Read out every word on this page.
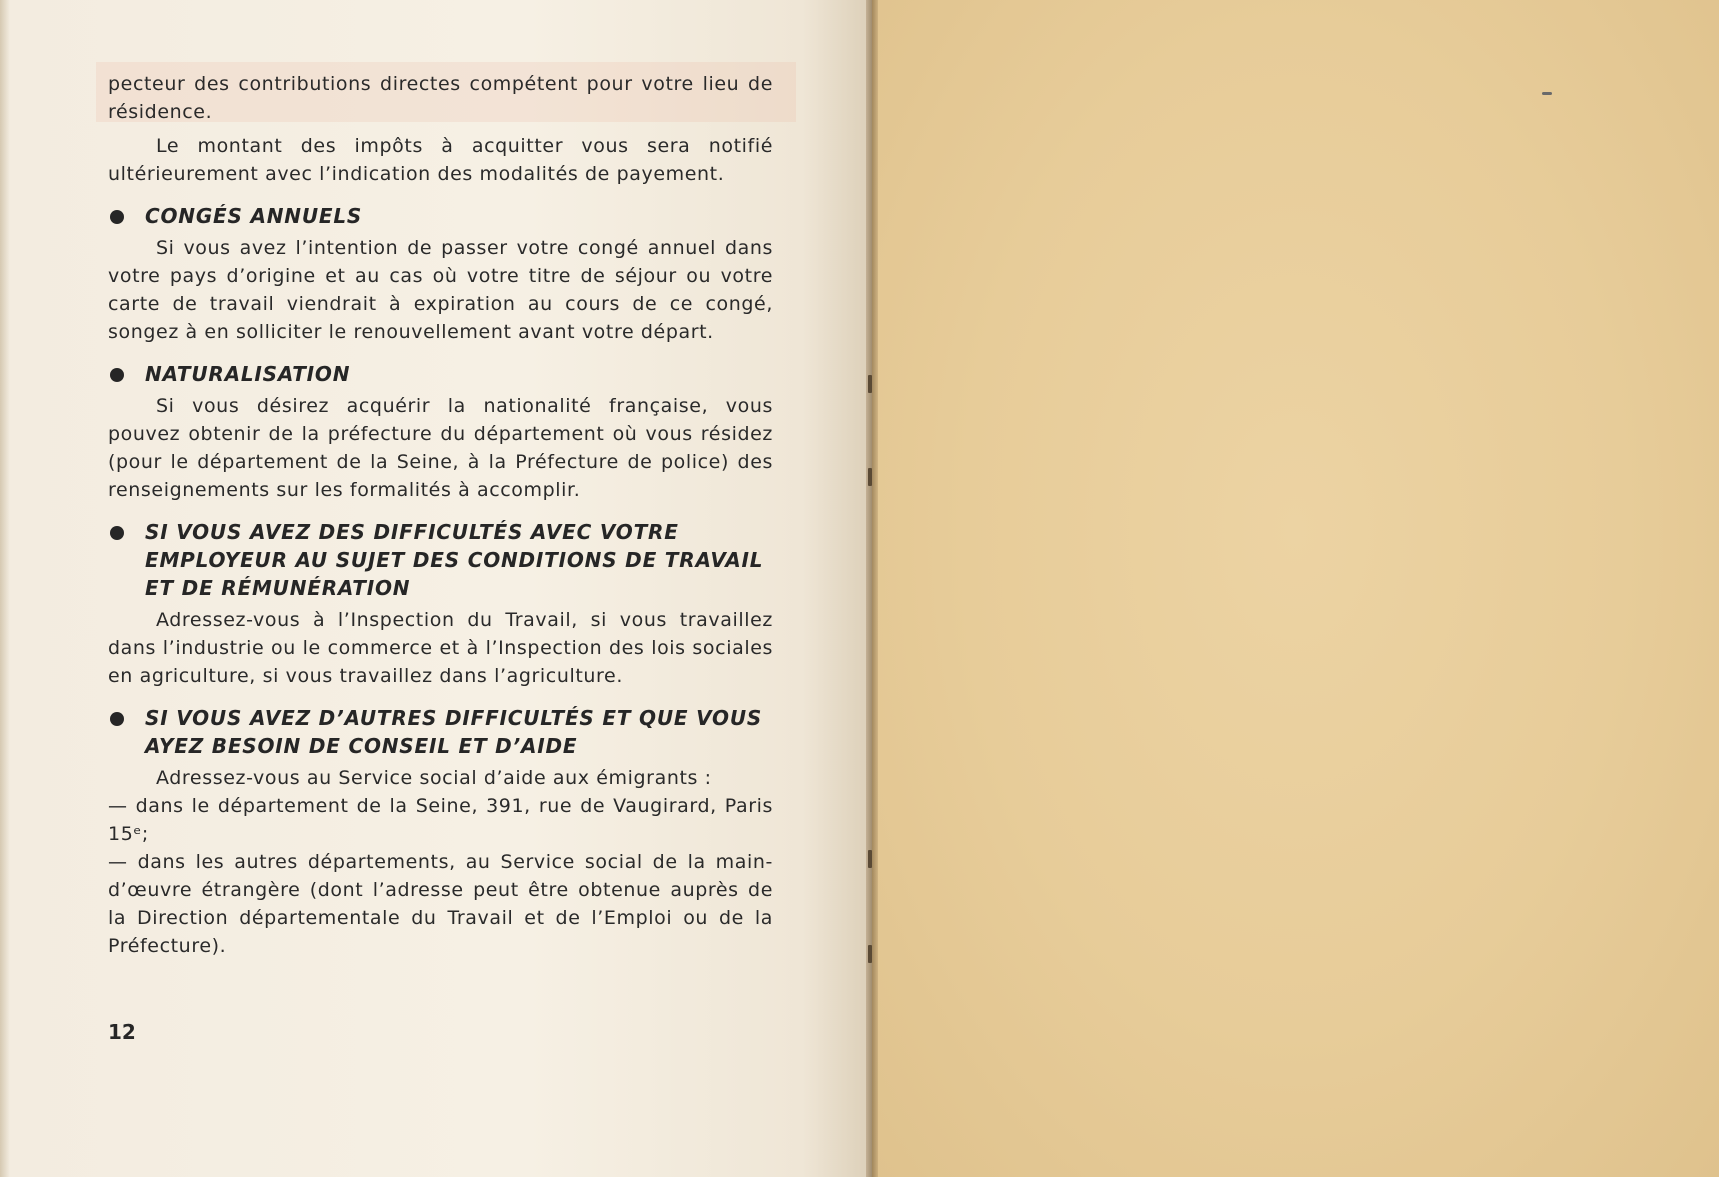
pecteur des contributions directes compétent pour votre lieu de résidence.

Le montant des impôts à acquitter vous sera notifié ultérieurement avec l’indication des modalités de payement.

CONGÉS ANNUELS

Si vous avez l’intention de passer votre congé annuel dans votre pays d’origine et au cas où votre titre de séjour ou votre carte de travail viendrait à expiration au cours de ce congé, songez à en solliciter le renouvellement avant votre départ.

NATURALISATION

Si vous désirez acquérir la nationalité française, vous pouvez obtenir de la préfecture du département où vous résidez (pour le département de la Seine, à la Préfecture de police) des renseignements sur les formalités à accomplir.

SI VOUS AVEZ DES DIFFICULTÉS AVEC VOTRE EMPLOYEUR AU SUJET DES CONDITIONS DE TRAVAIL ET DE RÉMUNÉRATION

Adressez-vous à l’Inspection du Travail, si vous travaillez dans l’industrie ou le commerce et à l’Inspection des lois sociales en agriculture, si vous travaillez dans l’agriculture.

SI VOUS AVEZ D’AUTRES DIFFICULTÉS ET QUE VOUS AYEZ BESOIN DE CONSEIL ET D’AIDE

Adressez-vous au Service social d’aide aux émigrants :

— dans le département de la Seine, 391, rue de Vaugirard, Paris 15ᵉ;

— dans les autres départements, au Service social de la main-d’œuvre étrangère (dont l’adresse peut être obtenue auprès de la Direction départementale du Travail et de l’Emploi ou de la Préfecture).

12
